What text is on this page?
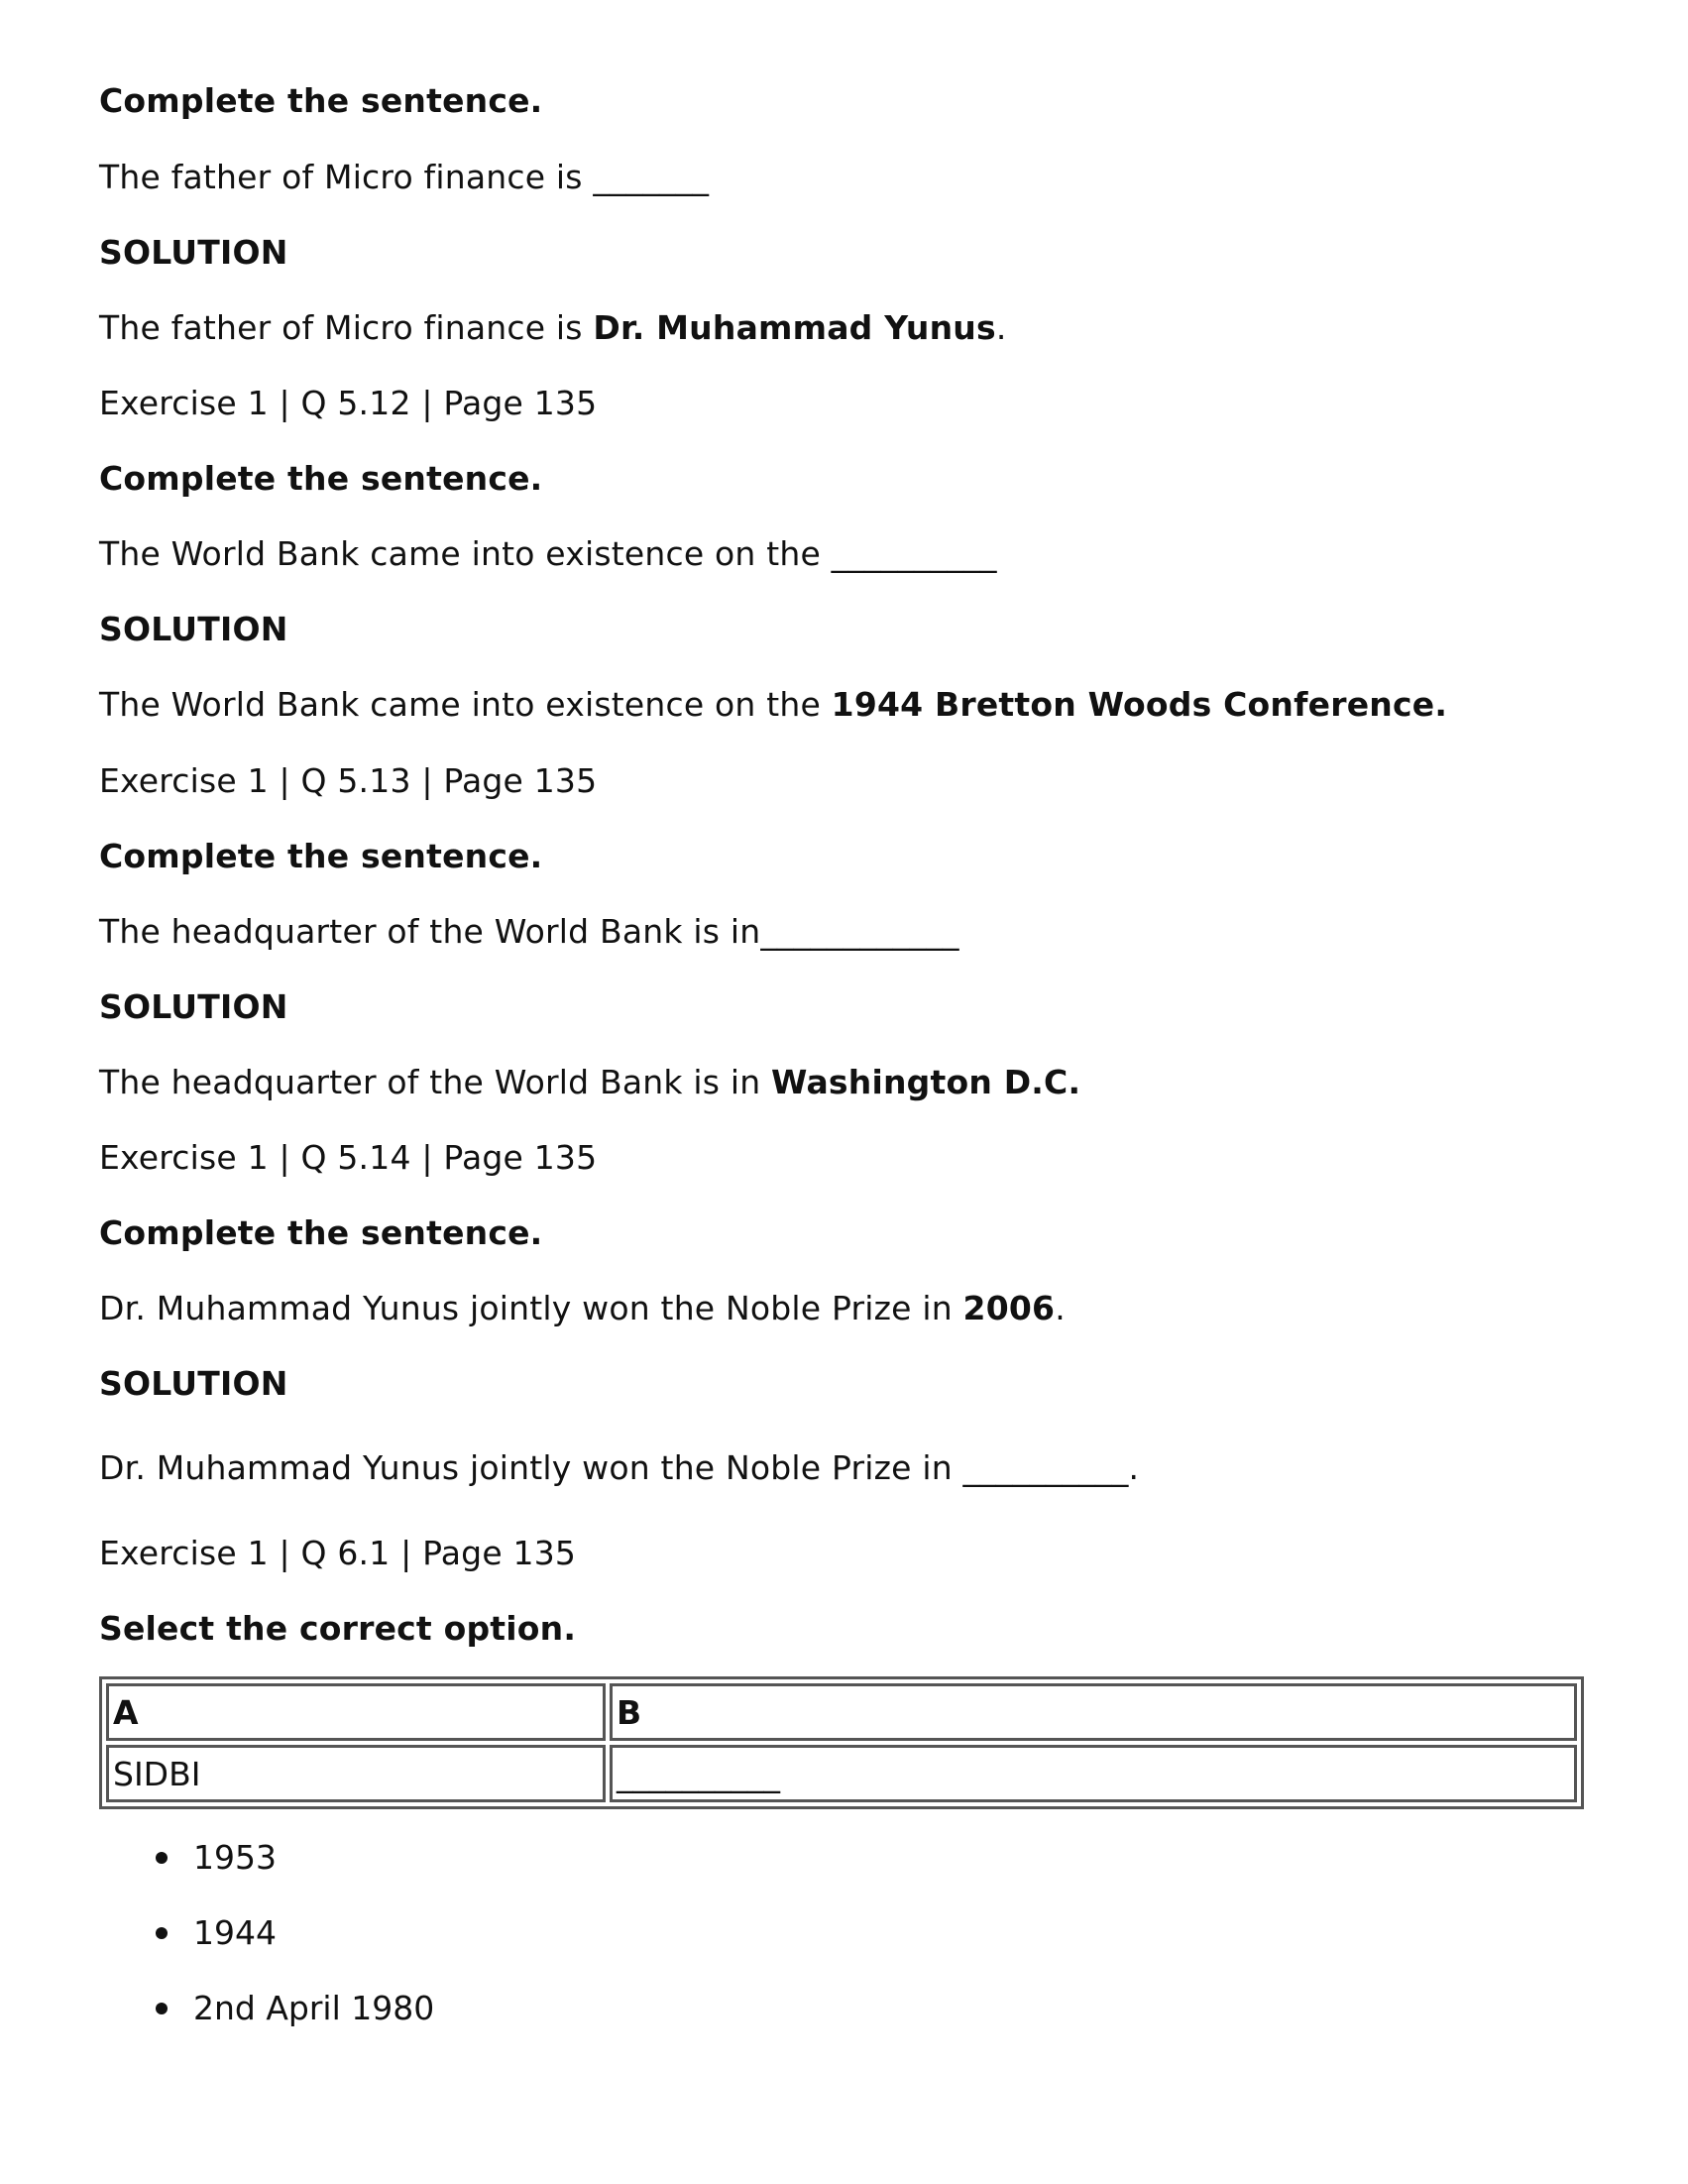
Complete the sentence.
The father of Micro finance is _______
SOLUTION
The father of Micro finance is Dr. Muhammad Yunus.
Exercise 1 | Q 5.12 | Page 135
Complete the sentence.
The World Bank came into existence on the __________
SOLUTION
The World Bank came into existence on the 1944 Bretton Woods Conference.
Exercise 1 | Q 5.13 | Page 135
Complete the sentence.
The headquarter of the World Bank is in____________
SOLUTION
The headquarter of the World Bank is in Washington D.C.
Exercise 1 | Q 5.14 | Page 135
Complete the sentence.
Dr. Muhammad Yunus jointly won the Noble Prize in 2006.
SOLUTION
Dr. Muhammad Yunus jointly won the Noble Prize in __________.
Exercise 1 | Q 6.1 | Page 135
Select the correct option.
A	B
SIDBI	__________
1953
1944
2nd April 1980
